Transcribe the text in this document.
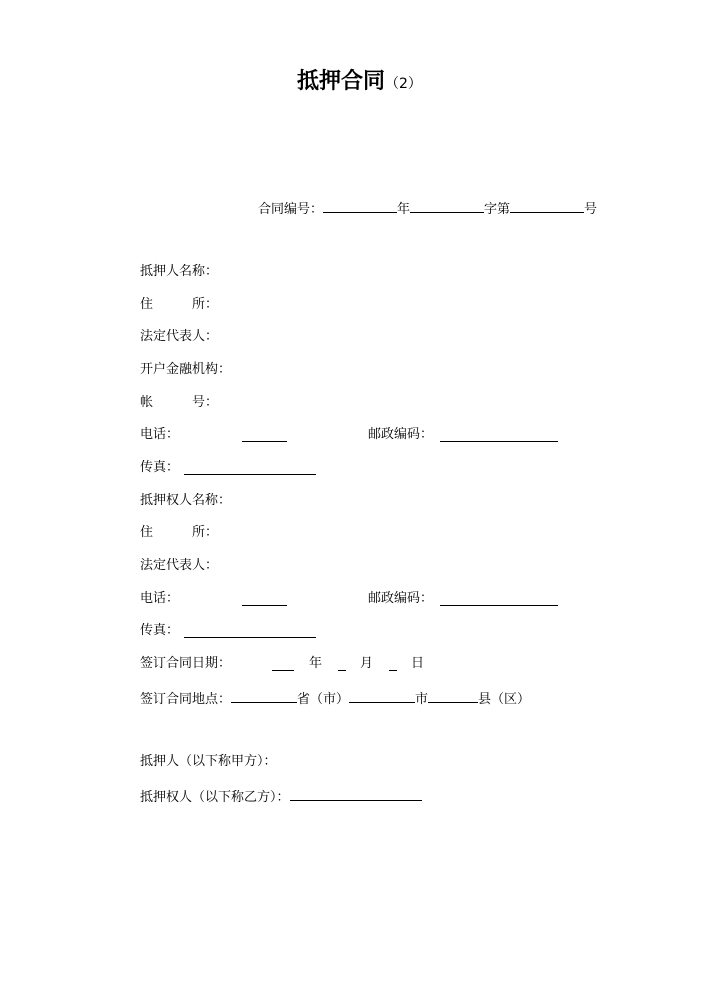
抵押合同（2）
合同编号：	年	字第	号
抵押人名称：
住　　　所：
法定代表人：
开户金融机构：
帐　　　号：
电话：	邮政编码：
传真：
抵押权人名称：
住　　　所：
法定代表人：
电话：	邮政编码：
传真：
签订合同日期：	年	月	日
签订合同地点：	省（市）	市	县（区）
抵押人（以下称甲方）：
抵押权人（以下称乙方）：
